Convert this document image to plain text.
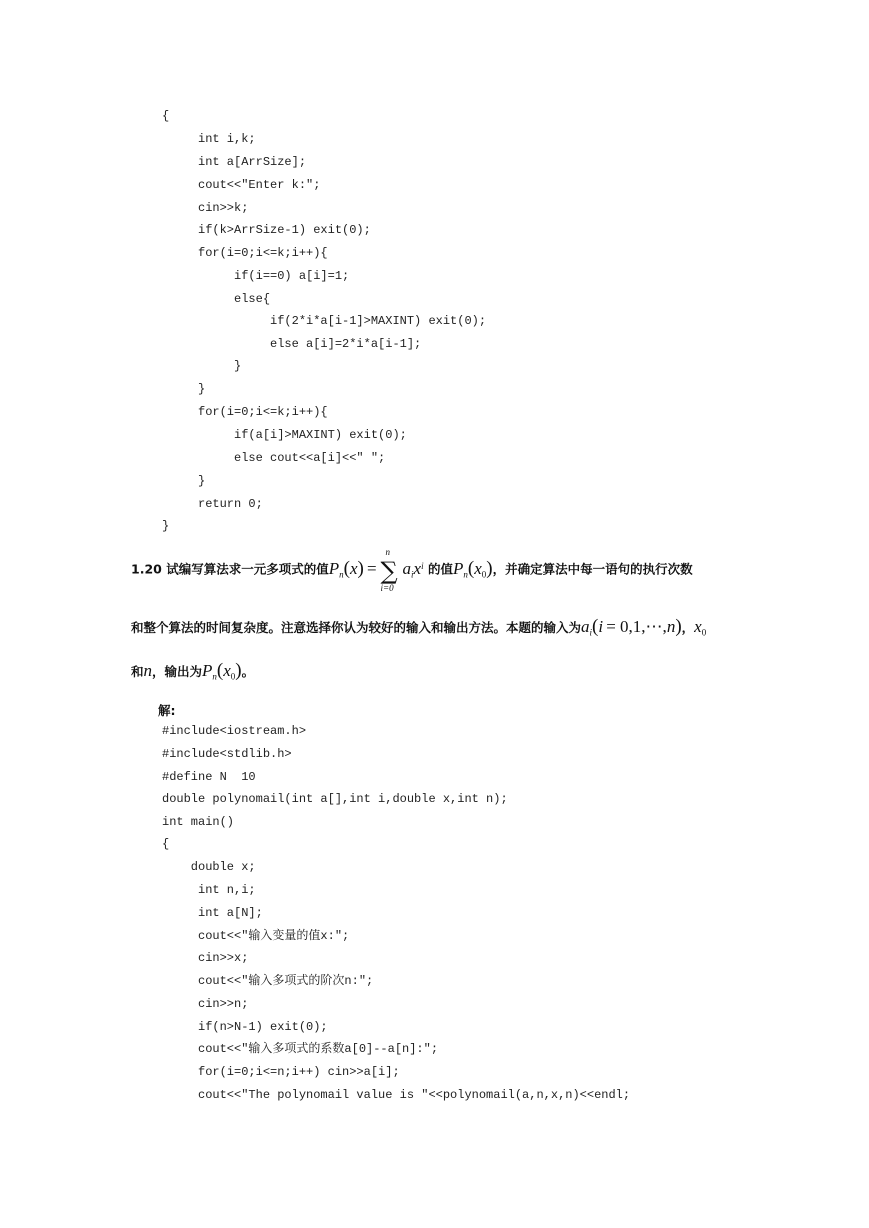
{
int i,k;
int a[ArrSize];
cout<<"Enter k:";
cin>>k;
if(k>ArrSize-1) exit(0);
for(i=0;i<=k;i++){
if(i==0) a[i]=1;
else{
if(2*i*a[i-1]>MAXINT) exit(0);
else a[i]=2*i*a[i-1];
}
}
for(i=0;i<=k;i++){
if(a[i]>MAXINT) exit(0);
else cout<<a[i]<<" ";
}
return 0;
}
1.20 试编写算法求一元多项式的值$P_n(x)$ =
n
∑
i=0
$a_ix^i$ 的值$P_n(x_0)$，并确定算法中每一语句的执行次数
和整个算法的时间复杂度。注意选择你认为较好的输入和输出方法。本题的输入为$a_i(i$ = 0,1,⋯,n)，$x_0$
和n，输出为$P_n(x_0)$。
解:
#include<iostream.h>
#include<stdlib.h>
#define N  10
double polynomail(int a[],int i,double x,int n);
int main()
{
double x;
int n,i;
int a[N];
cout<<"输入变量的值x:";
cin>>x;
cout<<"输入多项式的阶次n:";
cin>>n;
if(n>N-1) exit(0);
cout<<"输入多项式的系数a[0]--a[n]:";
for(i=0;i<=n;i++) cin>>a[i];
cout<<"The polynomail value is "<<polynomail(a,n,x,n)<<endl;
